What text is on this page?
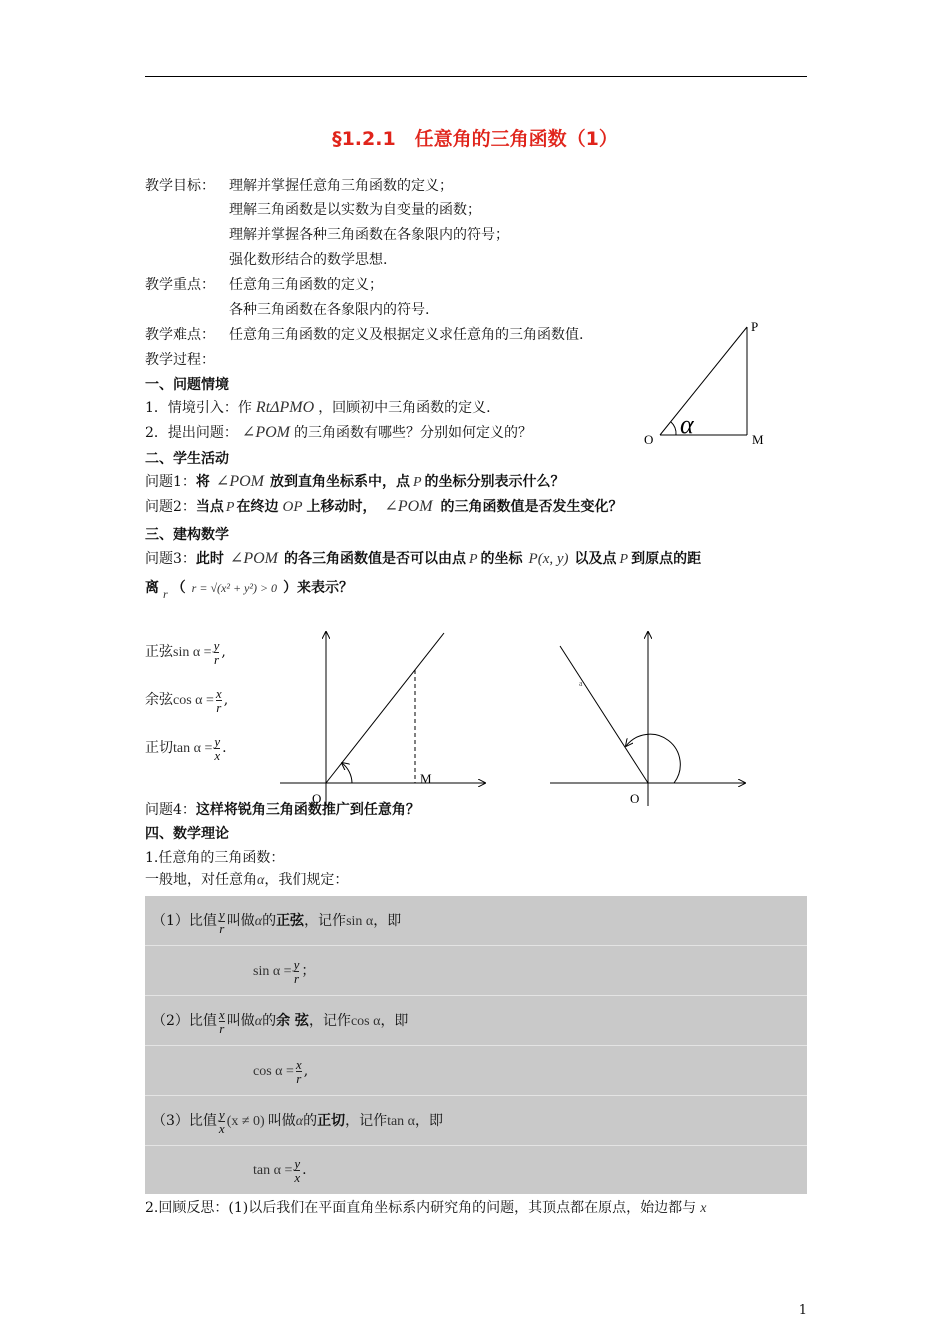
§1.2.1　任意角的三角函数（1）
教学目标： 理解并掌握任意角三角函数的定义；
理解三角函数是以实数为自变量的函数；
理解并掌握各种三角函数在各象限内的符号；
强化数形结合的数学思想.
教学重点： 任意角三角函数的定义；
各种三角函数在各象限内的符号.
教学难点： 任意角三角函数的定义及根据定义求任意角的三角函数值.
教学过程：
一、问题情境
1．情境引入：作 RtΔPMO ，回顾初中三角函数的定义.
2．提出问题： ∠POM 的三角函数有哪些？分别如何定义的？
P
O	M
α
二、学生活动
问题1：将 ∠POM 放到直角坐标系中，点 P 的坐标分别表示什么？
问题2：当点 P 在终边 OP 上移动时， ∠POM 的三角函数值是否发生变化？
三、建构数学
问题3：此时 ∠POM 的各三角函数值是否可以由点 P 的坐标 P(x, y) 以及点 P 到原点的距
离 r （ r = √(x² + y²) > 0 ）来表示？
正弦$\sin \alpha = \frac{y}{r}$ ,
余弦$\cos \alpha = \frac{x}{r}$ ,
正切$\tan \alpha = \frac{y}{x}$ .
O
M
O
a
问题4：这样将锐角三角函数推广到任意角？
四、数学理论
1.任意角的三角函数：
一般地，对任意角α，我们规定：
（1）比值 $\frac{y}{r}$ 叫做α的正弦，记作sin α，即
$\sin \alpha = \frac{y}{r}$ ；
（2）比值 $\frac{x}{r}$ 叫做α的余 弦，记作cos α，即
$\cos \alpha = \frac{x}{r}$ ,
（3）比值 $\frac{y}{x} (x \ne 0)$ 叫做α的正切，记作tan α，即
$\tan \alpha = \frac{y}{x}$ .
2.回顾反思：(1)以后我们在平面直角坐标系内研究角的问题，其顶点都在原点，始边都与 x
1
